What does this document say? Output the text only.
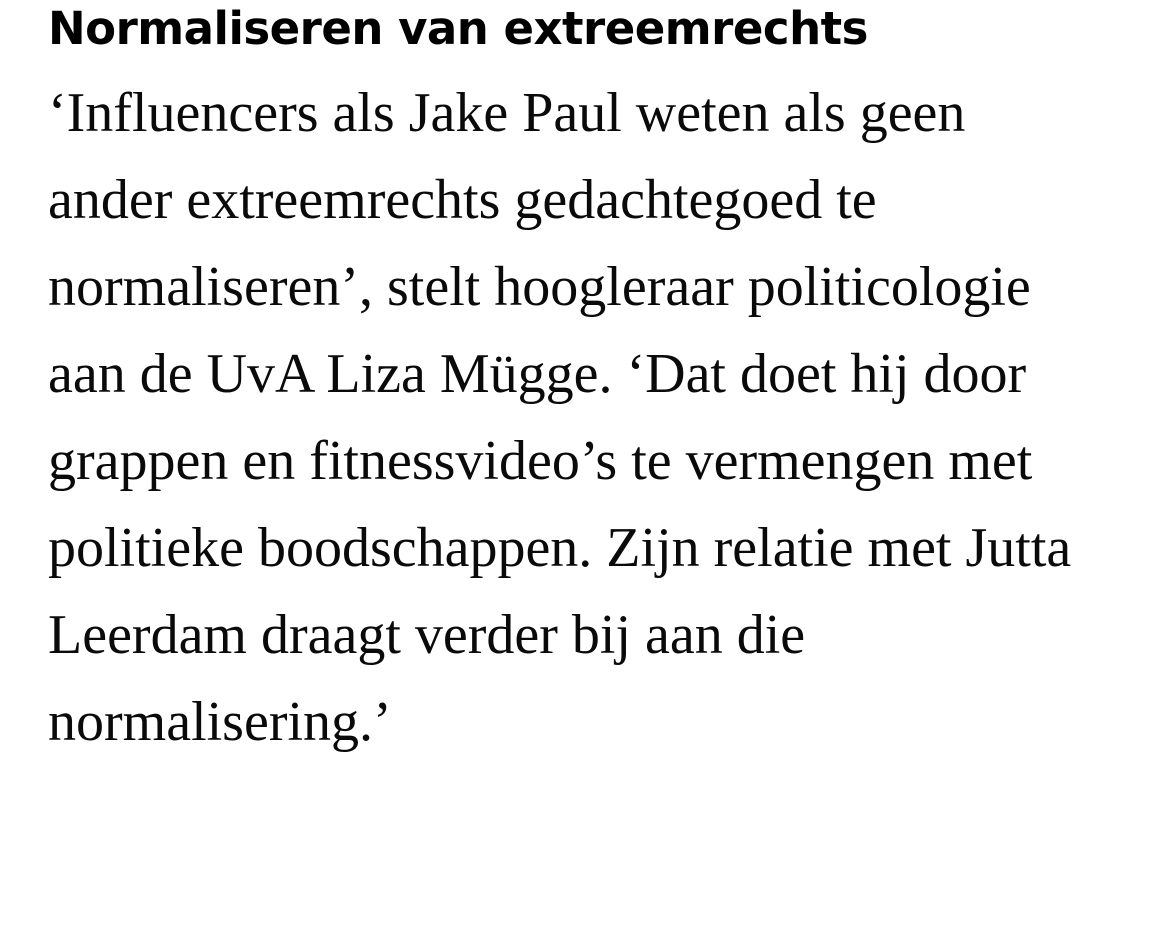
Normaliseren van extreemrechts

‘Influencers als Jake Paul weten als geen ander extreemrechts gedachtegoed te normaliseren’, stelt hoogleraar politicologie aan de UvA Liza Mügge. ‘Dat doet hij door grappen en fitnessvideo’s te vermengen met politieke boodschappen. Zijn relatie met Jutta Leerdam draagt verder bij aan die normalisering.’
